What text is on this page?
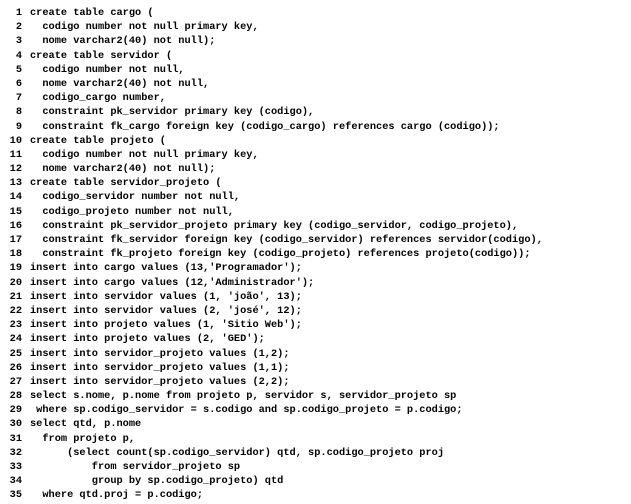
1 create table cargo (
2  codigo number not null primary key,
3  nome varchar2(40) not null);
4 create table servidor (
5  codigo number not null,
6  nome varchar2(40) not null,
7  codigo_cargo number,
8  constraint pk_servidor primary key (codigo),
9  constraint fk_cargo foreign key (codigo_cargo) references cargo (codigo));
10 create table projeto (
11  codigo number not null primary key,
12  nome varchar2(40) not null);
13 create table servidor_projeto (
14  codigo_servidor number not null,
15  codigo_projeto number not null,
16  constraint pk_servidor_projeto primary key (codigo_servidor, codigo_projeto),
17  constraint fk_servidor foreign key (codigo_servidor) references servidor(codigo),
18  constraint fk_projeto foreign key (codigo_projeto) references projeto(codigo));
19 insert into cargo values (13,'Programador');
20 insert into cargo values (12,'Administrador');
21 insert into servidor values (1, 'joão', 13);
22 insert into servidor values (2, 'josé', 12);
23 insert into projeto values (1, 'Sitio Web');
24 insert into projeto values (2, 'GED');
25 insert into servidor_projeto values (1,2);
26 insert into servidor_projeto values (1,1);
27 insert into servidor_projeto values (2,2);
28 select s.nome, p.nome from projeto p, servidor s, servidor_projeto sp
29 where sp.codigo_servidor = s.codigo and sp.codigo_projeto = p.codigo;
30 select qtd, p.nome
31  from projeto p,
32      (select count(sp.codigo_servidor) qtd, sp.codigo_projeto proj
33          from servidor_projeto sp
34          group by sp.codigo_projeto) qtd
35  where qtd.proj = p.codigo;
